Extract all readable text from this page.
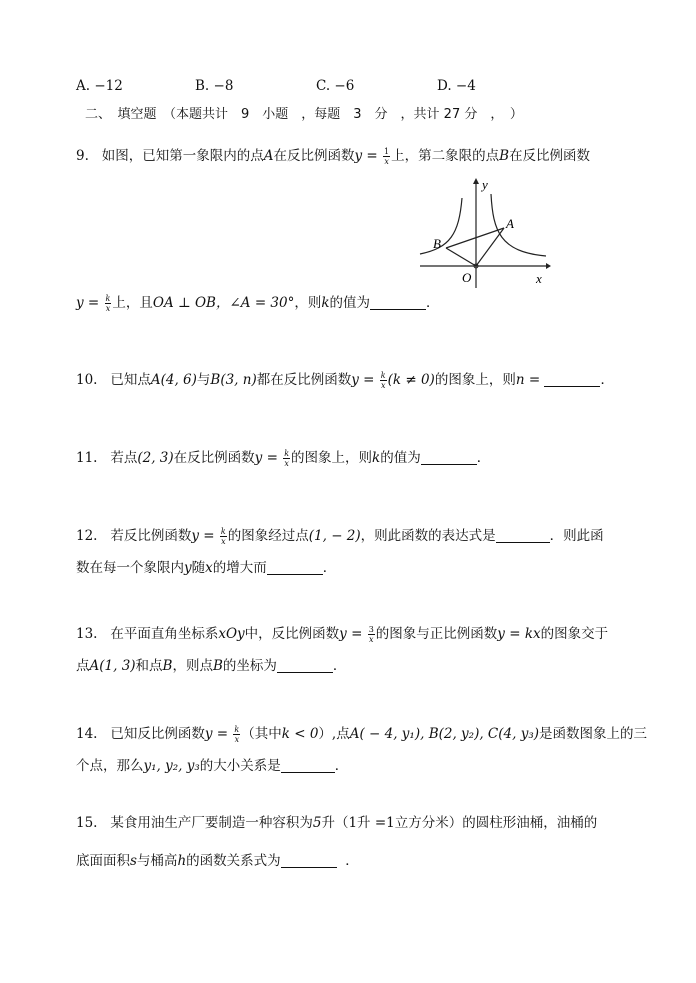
A. −12	B. −8	C. −6	D. −4
二、　填空题　（本题共计　9　小题　，每题　3　分　，共计 27 分　，　）
9. 如图，已知第一象限内的点A在反比例函数$y = \frac{1}{x}$ 上，第二象限的点B在反比例函数
y
x
O
A
B
$y = \frac{k}{x}$ 上，且OA ⊥ OB，∠A = 30°，则k的值为	．
10. 已知点A(4, 6)与B(3, n)都在反比例函数$y = \frac{k}{x} (k \ne 0)$的图象上，则n =	．
11. 若点(2, 3)在反比例函数$y = \frac{k}{x}$ 的图象上，则k的值为	．
12. 若反比例函数$y = \frac{k}{x}$ 的图象经过点(1, − 2)，则此函数的表达式是	．则此函
数在每一个象限内y随x的增大而	．
13. 在平面直角坐标系xOy中，反比例函数$y = \frac{3}{x}$ 的图象与正比例函数y = kx的图象交于
点A(1, 3)和点B，则点B的坐标为	．
14. 已知反比例函数$y = \frac{k}{x}$ （其中k < 0）,点A( − 4, y₁), B(2, y₂), C(4, y₃)是函数图象上的三
个点，那么y₁, y₂, y₃的大小关系是	．
15. 某食用油生产厂要制造一种容积为5升（1升 =1立方分米）的圆柱形油桶，油桶的
底面面积s与桶高h的函数关系式为	．
